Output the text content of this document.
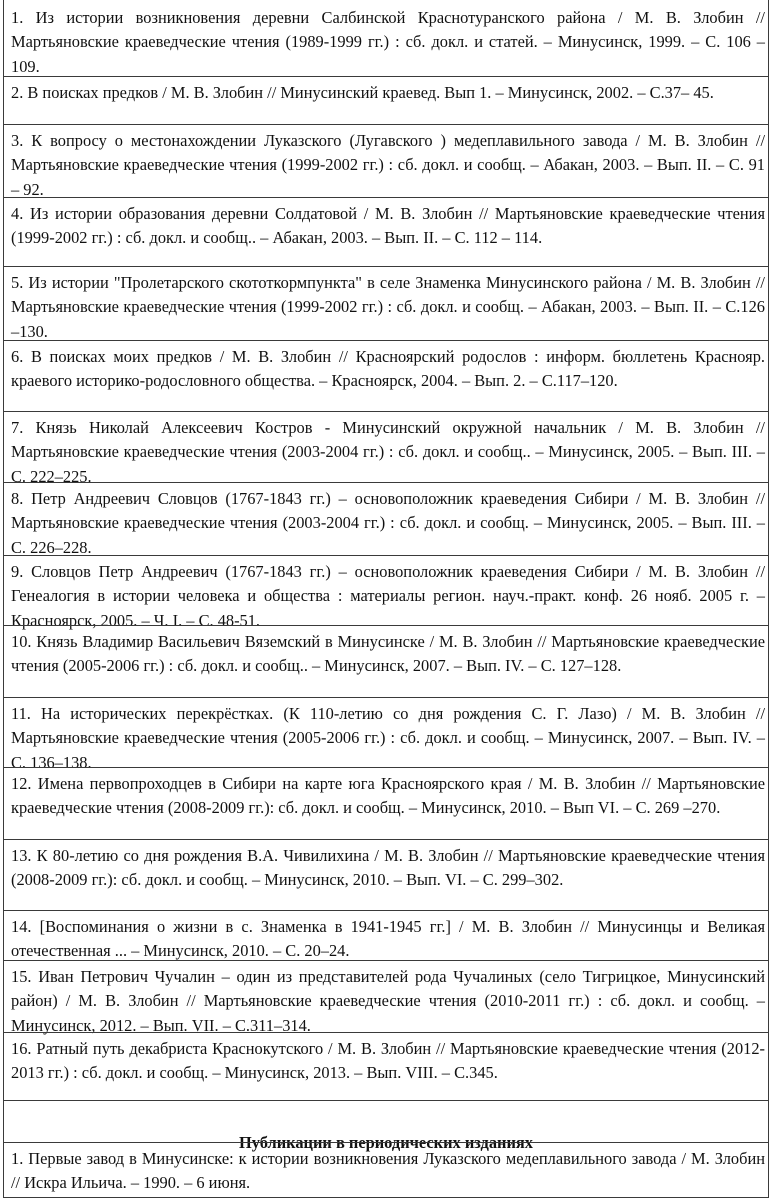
1. Из истории возникновения деревни Салбинской Краснотуранского района / М. В. Злобин // Мартьяновские краеведческие чтения (1989-1999 гг.) : сб. докл. и статей. – Минусинск, 1999. – С. 106 – 109.
2. В поисках предков / М. В. Злобин // Минусинский краевед. Вып 1. – Минусинск, 2002. – С.37– 45.
3. К вопросу о местонахождении Луказского (Лугавского ) медеплавильного завода / М. В. Злобин // Мартьяновские краеведческие чтения (1999-2002 гг.) : сб. докл. и сообщ. – Абакан, 2003. – Вып. II. – С. 91 – 92.
4. Из истории образования деревни Солдатовой / М. В. Злобин // Мартьяновские краеведческие чтения (1999-2002 гг.) : сб. докл. и сообщ.. – Абакан, 2003. – Вып. II. – С. 112 – 114.
5. Из истории "Пролетарского скототкормпункта" в селе Знаменка Минусинского района / М. В. Злобин // Мартьяновские краеведческие чтения (1999-2002 гг.) : сб. докл. и сообщ. – Абакан, 2003. – Вып. II. – С.126 –130.
6. В поисках моих предков / М. В. Злобин // Красноярский родослов : информ. бюллетень Краснояр. краевого историко-родословного общества. – Красноярск, 2004. – Вып. 2. – С.117–120.
7. Князь Николай Алексеевич Костров - Минусинский окружной начальник / М. В. Злобин // Мартьяновские краеведческие чтения (2003-2004 гг.) : сб. докл. и сообщ.. – Минусинск, 2005. – Вып. III. – С. 222–225.
8. Петр Андреевич Словцов (1767-1843 гг.) – основоположник краеведения Сибири / М. В. Злобин // Мартьяновские краеведческие чтения (2003-2004 гг.) : сб. докл. и сообщ. – Минусинск, 2005. – Вып. III. – С. 226–228.
9. Словцов Петр Андреевич (1767-1843 гг.) – основоположник краеведения Сибири / М. В. Злобин // Генеалогия в истории человека и общества : материалы регион. науч.-практ. конф. 26 нояб. 2005 г. – Красноярск, 2005. – Ч. I. – С. 48-51.
10. Князь Владимир Васильевич Вяземский в Минусинске / М. В. Злобин // Мартьяновские краеведческие чтения (2005-2006 гг.) : сб. докл. и сообщ.. – Минусинск, 2007. – Вып. IV. – С. 127–128.
11. На исторических перекрёстках. (К 110-летию со дня рождения С. Г. Лазо) / М. В. Злобин // Мартьяновские краеведческие чтения (2005-2006 гг.) : сб. докл. и сообщ. – Минусинск, 2007. – Вып. IV. – С. 136–138.
12. Имена первопроходцев в Сибири на карте юга Красноярского края / М. В. Злобин // Мартьяновские краеведческие чтения (2008-2009 гг.): сб. докл. и сообщ. – Минусинск, 2010. – Вып VI. – С. 269 –270.
13. К 80-летию со дня рождения В.А. Чивилихина / М. В. Злобин // Мартьяновские краеведческие чтения (2008-2009 гг.): сб. докл. и сообщ. – Минусинск, 2010. – Вып. VI. – С. 299–302.
14. [Воспоминания о жизни в с. Знаменка в 1941-1945 гг.] / М. В. Злобин // Минусинцы и Великая отечественная ... – Минусинск, 2010. – С. 20–24.
15. Иван Петрович Чучалин – один из представителей рода Чучалиных (село Тигрицкое, Минусинский район) / М. В. Злобин // Мартьяновские краеведческие чтения (2010-2011 гг.) : сб. докл. и сообщ. – Минусинск, 2012. – Вып. VII. – С.311–314.
16. Ратный путь декабриста Краснокутского / М. В. Злобин // Мартьяновские краеведческие чтения (2012-2013 гг.) : сб. докл. и сообщ. – Минусинск, 2013. – Вып. VIII. – С.345.
Публикации в периодических изданиях
1. Первые завод в Минусинске: к истории возникновения Луказского медеплавильного завода / М. Злобин // Искра Ильича. – 1990. – 6 июня.
